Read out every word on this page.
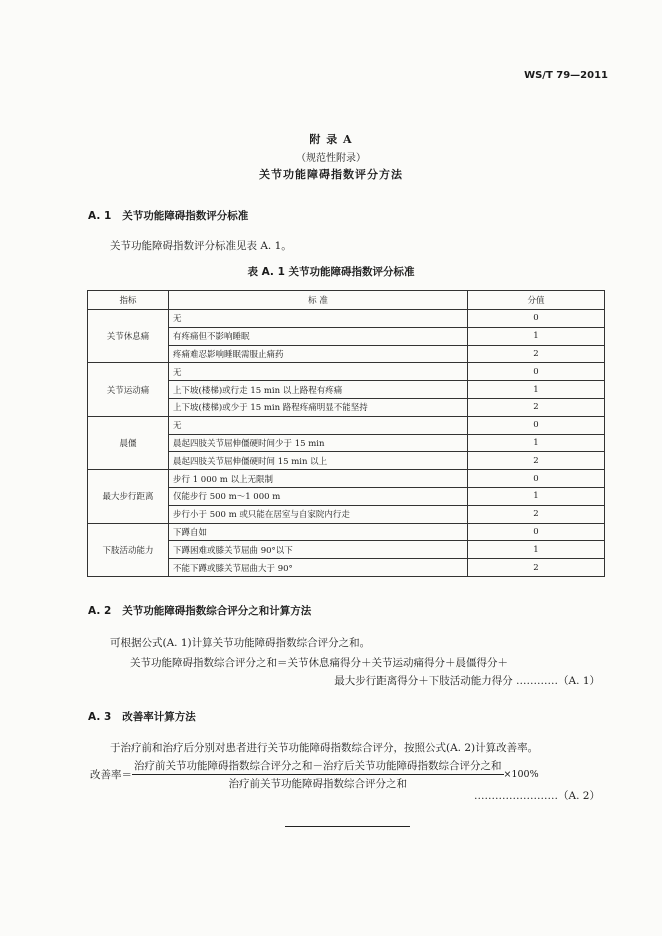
WS/T 79—2011
附 录 A
（规范性附录）
关节功能障碍指数评分方法
A. 1 关节功能障碍指数评分标准
关节功能障碍指数评分标准见表 A. 1。
表 A. 1 关节功能障碍指数评分标准
指标	标 准	分值
关节休息痛	无	0
	有疼痛但不影响睡眠	1
	疼痛难忍影响睡眠需服止痛药	2
关节运动痛	无	0
	上下坡(楼梯)或行走 15 min 以上路程有疼痛	1
	上下坡(楼梯)或少于 15 min 路程疼痛明显不能坚持	2
晨僵	无	0
	晨起四肢关节屈伸僵硬时间少于 15 min	1
	晨起四肢关节屈伸僵硬时间 15 min 以上	2
最大步行距离	步行 1 000 m 以上无限制	0
	仅能步行 500 m～1 000 m	1
	步行小于 500 m 或只能在居室与自家院内行走	2
下肢活动能力	下蹲自如	0
	下蹲困难或膝关节屈曲 90°以下	1
	不能下蹲或膝关节屈曲大于 90°	2
A. 2 关节功能障碍指数综合评分之和计算方法
可根据公式(A. 1)计算关节功能障碍指数综合评分之和。
关节功能障碍指数综合评分之和＝关节休息痛得分＋关节运动痛得分＋晨僵得分＋
最大步行距离得分＋下肢活动能力得分 …………（A. 1）
A. 3 改善率计算方法
于治疗前和治疗后分别对患者进行关节功能障碍指数综合评分，按照公式(A. 2)计算改善率。
改善率＝ $\frac{\text{治疗前关节功能障碍指数综合评分之和－治疗后关节功能障碍指数综合评分之和}}{\text{治疗前关节功能障碍指数综合评分之和}} \times 100\%$
……………………（A. 2）
